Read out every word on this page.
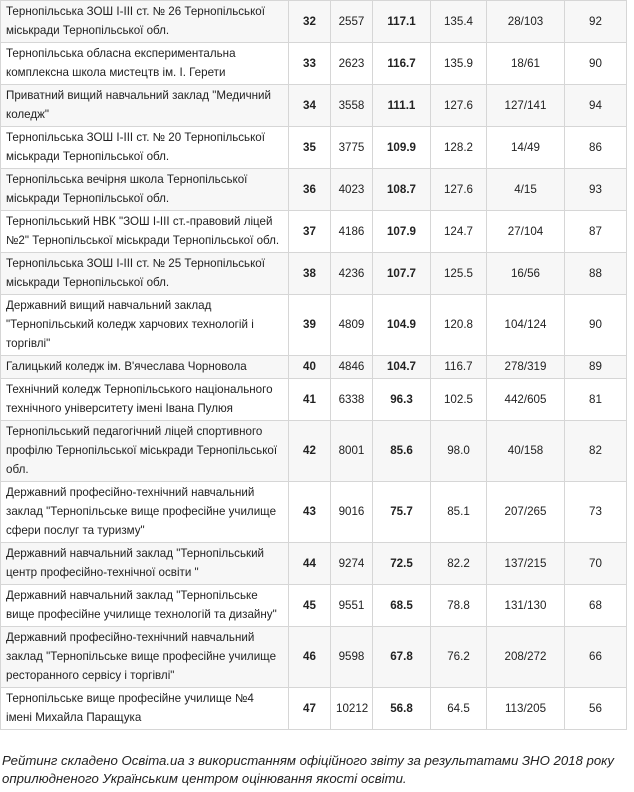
Тернопільська ЗОШ І-ІІІ ст. № 26 Тернопільської міськради Тернопільської обл.	32	2557	117.1	135.4	28/103	92
Тернопільська обласна експериментальна комплексна школа мистецтв ім. І. Герети	33	2623	116.7	135.9	18/61	90
Приватний вищий навчальний заклад "Медичний коледж"	34	3558	111.1	127.6	127/141	94
Тернопільська ЗОШ І-ІІІ ст. № 20 Тернопільської міськради Тернопільської обл.	35	3775	109.9	128.2	14/49	86
Тернопільська вечірня школа Тернопільської міськради Тернопільської обл.	36	4023	108.7	127.6	4/15	93
Тернопільський НВК "ЗОШ І-ІІІ ст.-правовий ліцей №2" Тернопільської міськради Тернопільської обл.	37	4186	107.9	124.7	27/104	87
Тернопільська ЗОШ І-ІІІ ст. № 25 Тернопільської міськради Тернопільської обл.	38	4236	107.7	125.5	16/56	88
Державний вищий навчальний заклад "Тернопільський коледж харчових технологій і торгівлі"	39	4809	104.9	120.8	104/124	90
Галицький коледж ім. В'ячеслава Чорновола	40	4846	104.7	116.7	278/319	89
Технічний коледж Тернопільського національного технічного університету імені Івана Пулюя	41	6338	96.3	102.5	442/605	81
Тернопільський педагогічний ліцей спортивного профілю Тернопільської міськради Тернопільської обл.	42	8001	85.6	98.0	40/158	82
Державний професійно-технічний навчальний заклад "Тернопільське вище професійне училище сфери послуг та туризму"	43	9016	75.7	85.1	207/265	73
Державний навчальний заклад "Тернопільський центр професійно-технічної освіти "	44	9274	72.5	82.2	137/215	70
Державний навчальний заклад "Тернопільське вище професійне училище технологій та дизайну"	45	9551	68.5	78.8	131/130	68
Державний професійно-технічний навчальний заклад "Тернопільське вище професійне училище ресторанного сервісу і торгівлі"	46	9598	67.8	76.2	208/272	66
Тернопільське вище професійне училище №4 імені Михайла Паращука	47	10212	56.8	64.5	113/205	56
Рейтинг складено Освіта.ua з використанням офіційного звіту за результатами ЗНО 2018 року оприлюдненого Українським центром оцінювання якості освіти.
